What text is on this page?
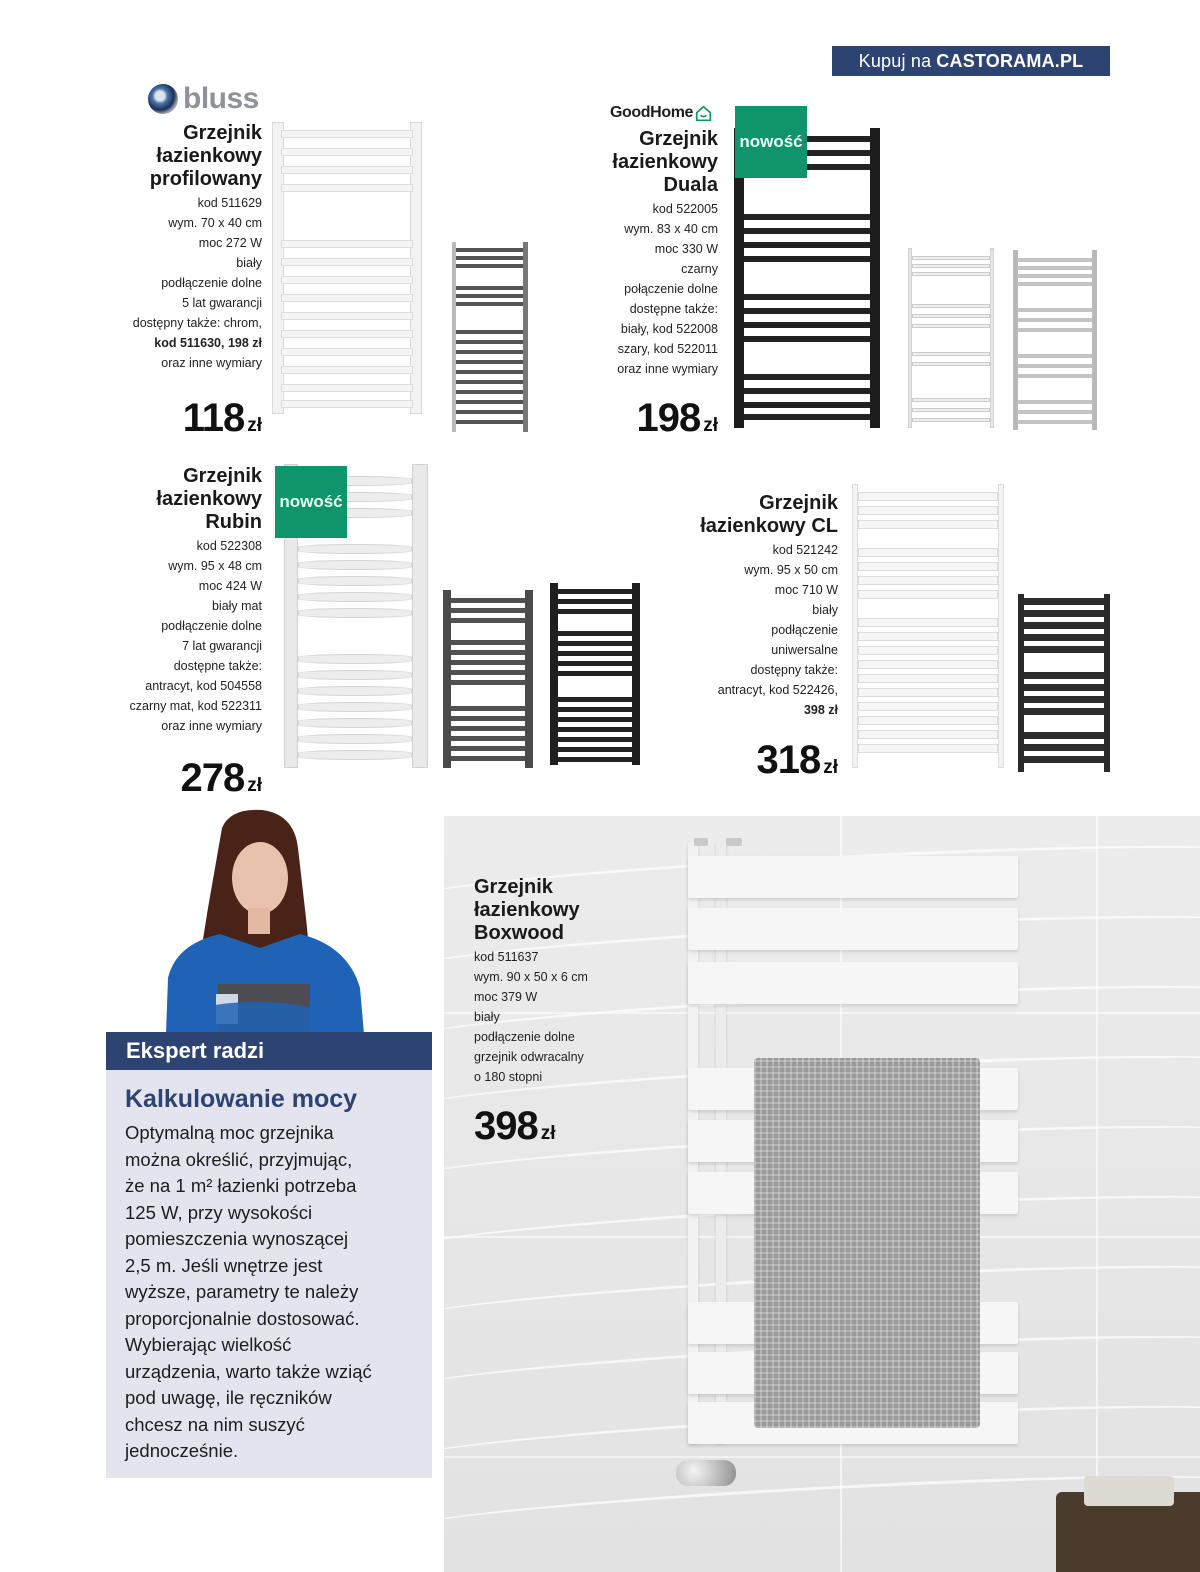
Kupuj na CASTORAMA.PL
bluss
Grzejnik
łazienkowy
profilowany
kod 511629
wym. 70 x 40 cm
moc 272 W
biały
podłączenie dolne
5 lat gwarancji
dostępny także: chrom,
kod 511630, 198 zł
oraz inne wymiary
118 zł
GoodHome
Grzejnik
łazienkowy
Duala
kod 522005
wym. 83 x 40 cm
moc 330 W
czarny
połączenie dolne
dostępne także:
biały, kod 522008
szary, kod 522011
oraz inne wymiary
198 zł
nowość
Grzejnik
łazienkowy
Rubin
kod 522308
wym. 95 x 48 cm
moc 424 W
biały mat
podłączenie dolne
7 lat gwarancji
dostępne także:
antracyt, kod 504558
czarny mat, kod 522311
oraz inne wymiary
278 zł
nowość	Grzejnik
łazienkowy CL
kod 521242
wym. 95 x 50 cm
moc 710 W
biały
podłączenie
uniwersalne
dostępny także:
antracyt, kod 522426,
398 zł
318 zł
Ekspert radzi
Kalkulowanie mocy
Optymalną moc grzejnika
można określić, przyjmując,
że na 1 m² łazienki potrzeba
125 W, przy wysokości
pomieszczenia wynoszącej
2,5 m. Jeśli wnętrze jest
wyższe, parametry te należy
proporcjonalnie dostosować.
Wybierając wielkość
urządzenia, warto także wziąć
pod uwagę, ile ręczników
chcesz na nim suszyć
jednocześnie.
Grzejnik
łazienkowy
Boxwood
kod 511637
wym. 90 x 50 x 6 cm
moc 379 W
biały
podłączenie dolne
grzejnik odwracalny
o 180 stopni
398 zł
